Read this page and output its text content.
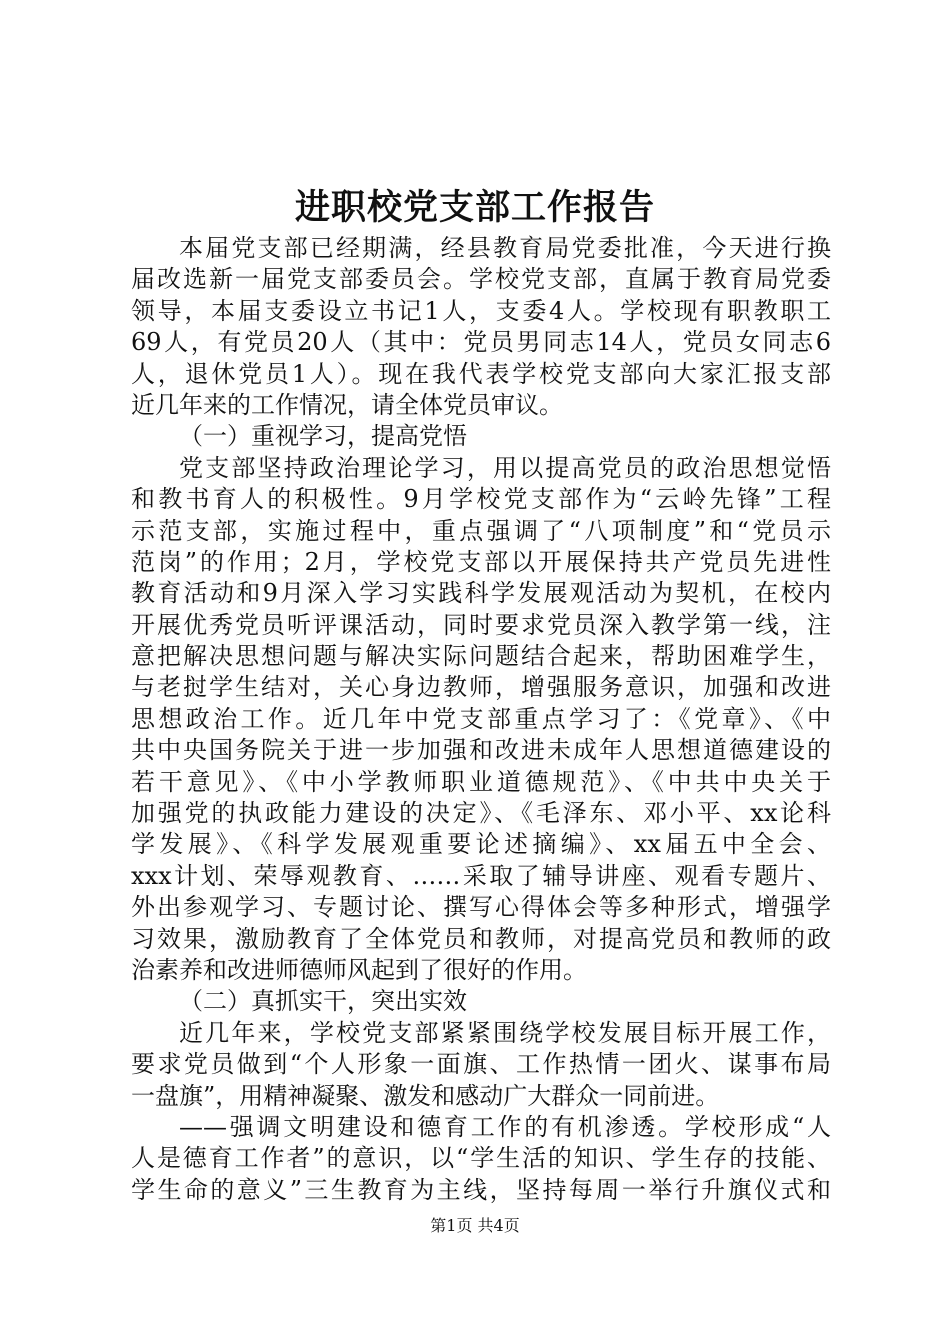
进职校党支部工作报告
本届党支部已经期满，经县教育局党委批准，今天进行换
届改选新一届党支部委员会。学校党支部，直属于教育局党委
领导，本届支委设立书记1人，支委4人。学校现有职教职工
69人，有党员20人（其中：党员男同志14人，党员女同志6
人，退休党员1人）。现在我代表学校党支部向大家汇报支部
近几年来的工作情况，请全体党员审议。
（一）重视学习，提高党悟
党支部坚持政治理论学习，用以提高党员的政治思想觉悟
和教书育人的积极性。9月学校党支部作为“云岭先锋”工程
示范支部，实施过程中，重点强调了“八项制度”和“党员示
范岗”的作用；2月，学校党支部以开展保持共产党员先进性
教育活动和9月深入学习实践科学发展观活动为契机，在校内
开展优秀党员听评课活动，同时要求党员深入教学第一线，注
意把解决思想问题与解决实际问题结合起来，帮助困难学生，
与老挝学生结对，关心身边教师，增强服务意识，加强和改进
思想政治工作。近几年中党支部重点学习了：《党章》、《中
共中央国务院关于进一步加强和改进未成年人思想道德建设的
若干意见》、《中小学教师职业道德规范》、《中共中央关于
加强党的执政能力建设的决定》、《毛泽东、邓小平、xx论科
学发展》、《科学发展观重要论述摘编》、xx届五中全会、
xxx计划、荣辱观教育、……采取了辅导讲座、观看专题片、
外出参观学习、专题讨论、撰写心得体会等多种形式，增强学
习效果，激励教育了全体党员和教师，对提高党员和教师的政
治素养和改进师德师风起到了很好的作用。
（二）真抓实干，突出实效
近几年来，学校党支部紧紧围绕学校发展目标开展工作，
要求党员做到“个人形象一面旗、工作热情一团火、谋事布局
一盘旗”，用精神凝聚、激发和感动广大群众一同前进。
——强调文明建设和德育工作的有机渗透。学校形成“人
人是德育工作者”的意识，以“学生活的知识、学生存的技能、
学生命的意义”三生教育为主线，坚持每周一举行升旗仪式和
第1页 共4页
